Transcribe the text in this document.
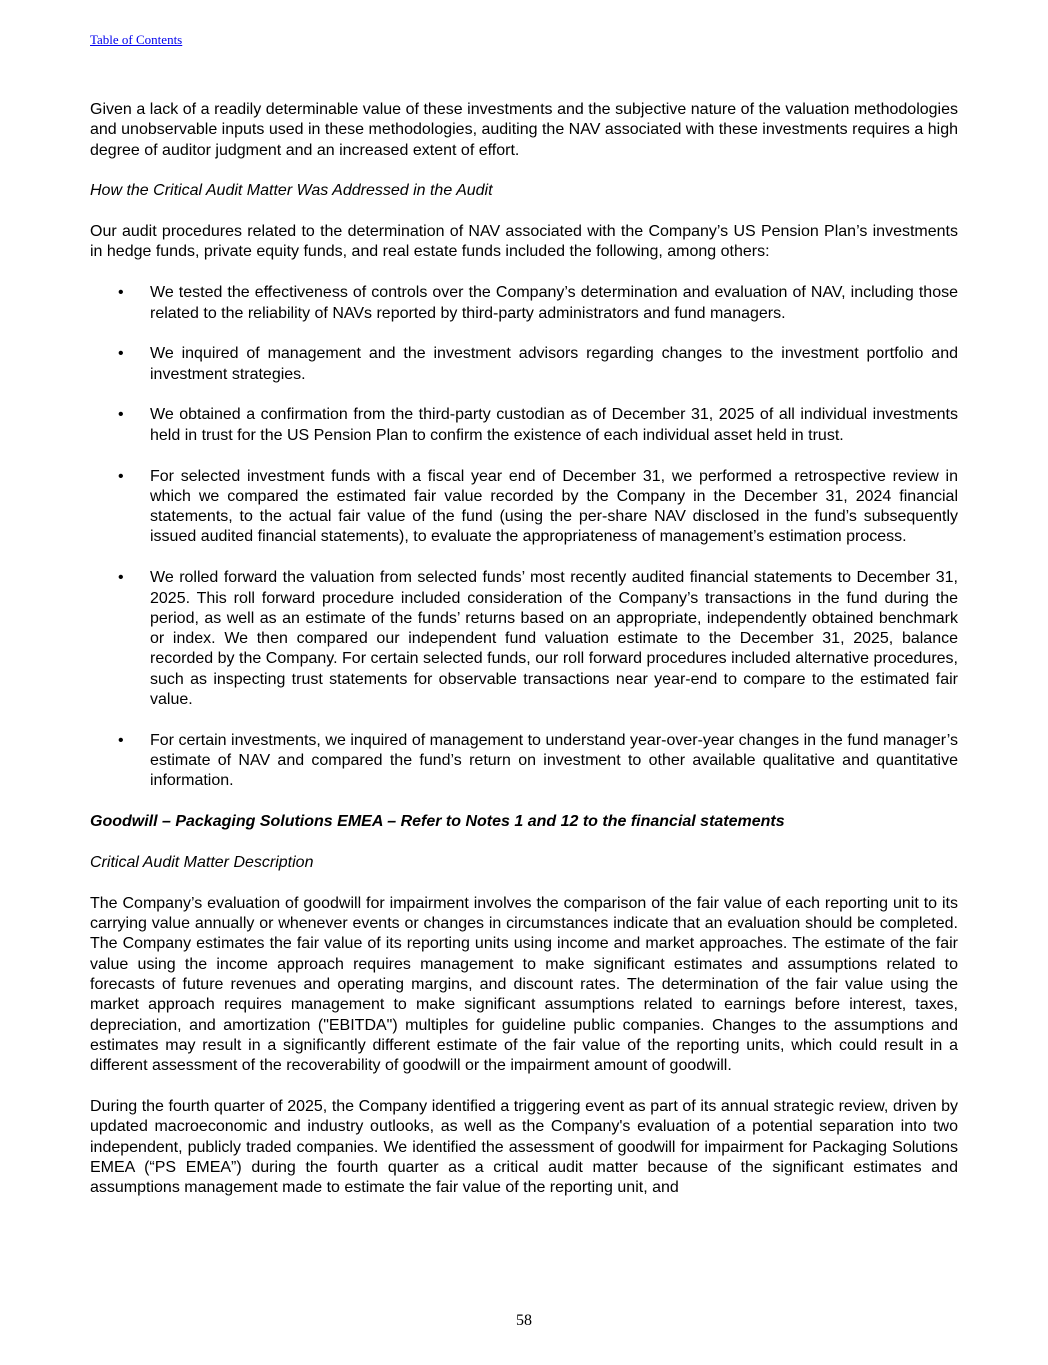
Table of Contents

Given a lack of a readily determinable value of these investments and the subjective nature of the valuation methodologies and unobservable inputs used in these methodologies, auditing the NAV associated with these investments requires a high degree of auditor judgment and an increased extent of effort.

How the Critical Audit Matter Was Addressed in the Audit

Our audit procedures related to the determination of NAV associated with the Company’s US Pension Plan’s investments in hedge funds, private equity funds, and real estate funds included the following, among others:

• We tested the effectiveness of controls over the Company’s determination and evaluation of NAV, including those related to the reliability of NAVs reported by third-party administrators and fund managers.
• We inquired of management and the investment advisors regarding changes to the investment portfolio and investment strategies.
• We obtained a confirmation from the third-party custodian as of December 31, 2025 of all individual investments held in trust for the US Pension Plan to confirm the existence of each individual asset held in trust.
• For selected investment funds with a fiscal year end of December 31, we performed a retrospective review in which we compared the estimated fair value recorded by the Company in the December 31, 2024 financial statements, to the actual fair value of the fund (using the per-share NAV disclosed in the fund’s subsequently issued audited financial statements), to evaluate the appropriateness of management’s estimation process.
• We rolled forward the valuation from selected funds’ most recently audited financial statements to December 31, 2025. This roll forward procedure included consideration of the Company’s transactions in the fund during the period, as well as an estimate of the funds’ returns based on an appropriate, independently obtained benchmark or index. We then compared our independent fund valuation estimate to the December 31, 2025, balance recorded by the Company. For certain selected funds, our roll forward procedures included alternative procedures, such as inspecting trust statements for observable transactions near year-end to compare to the estimated fair value.
• For certain investments, we inquired of management to understand year-over-year changes in the fund manager’s estimate of NAV and compared the fund’s return on investment to other available qualitative and quantitative information.

Goodwill – Packaging Solutions EMEA – Refer to Notes 1 and 12 to the financial statements

Critical Audit Matter Description

The Company’s evaluation of goodwill for impairment involves the comparison of the fair value of each reporting unit to its carrying value annually or whenever events or changes in circumstances indicate that an evaluation should be completed. The Company estimates the fair value of its reporting units using income and market approaches. The estimate of the fair value using the income approach requires management to make significant estimates and assumptions related to forecasts of future revenues and operating margins, and discount rates. The determination of the fair value using the market approach requires management to make significant assumptions related to earnings before interest, taxes, depreciation, and amortization ("EBITDA") multiples for guideline public companies. Changes to the assumptions and estimates may result in a significantly different estimate of the fair value of the reporting units, which could result in a different assessment of the recoverability of goodwill or the impairment amount of goodwill.

During the fourth quarter of 2025, the Company identified a triggering event as part of its annual strategic review, driven by updated macroeconomic and industry outlooks, as well as the Company's evaluation of a potential separation into two independent, publicly traded companies. We identified the assessment of goodwill for impairment for Packaging Solutions EMEA (“PS EMEA”) during the fourth quarter as a critical audit matter because of the significant estimates and assumptions management made to estimate the fair value of the reporting unit, and

58
